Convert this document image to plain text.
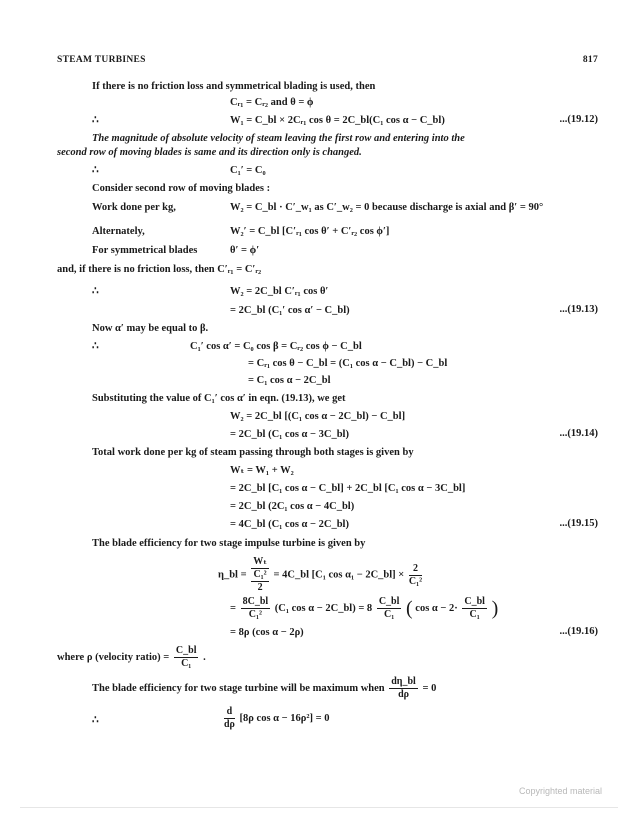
STEAM TURBINES	817
If there is no friction loss and symmetrical blading is used, then
Cᵣ₁ = Cᵣ₂ and θ = ϕ
∴	W₁ = C_bl × 2Cᵣ₁ cos θ = 2C_bl(C₁ cos α − C_bl)	...(19.12)
The magnitude of absolute velocity of steam leaving the first row and entering into the
second row of moving blades is same and its direction only is changed.
∴	C₁′ = C₀
Consider second row of moving blades :
Work done per kg,	W₂ = C_bl · C′_w₁ as C′_w₂ = 0 because discharge is axial and β′ = 90°
Alternately,	W₂′ = C_bl [C′ᵣ₁ cos θ′ + C′ᵣ₂ cos ϕ′]
For symmetrical blades	θ′ = ϕ′
and, if there is no friction loss, then C′ᵣ₁ = C′ᵣ₂
∴	W₂ = 2C_bl C′ᵣ₁ cos θ′
= 2C_bl (C₁′ cos α′ − C_bl)	...(19.13)
Now α′ may be equal to β.
∴	C₁′ cos α′ = C₀ cos β = Cᵣ₂ cos ϕ − C_bl
= Cᵣ₁ cos θ − C_bl = (C₁ cos α − C_bl) − C_bl
= C₁ cos α − 2C_bl
Substituting the value of C₁′ cos α′ in eqn. (19.13), we get
W₂ = 2C_bl [(C₁ cos α − 2C_bl) − C_bl]
= 2C_bl (C₁ cos α − 3C_bl)	...(19.14)
Total work done per kg of steam passing through both stages is given by
Wₜ = W₁ + W₂
= 2C_bl [C₁ cos α − C_bl] + 2C_bl [C₁ cos α − 3C_bl]
= 2C_bl (2C₁ cos α − 4C_bl)
= 4C_bl (C₁ cos α − 2C_bl)	...(19.15)
The blade efficiency for two stage impulse turbine is given by
η_bl =
Wₜ
C₁²
2
= 4C_bl [C₁ cos α₁ − 2C_bl] × $\frac{2}{\text{C₁²}}$
= $\frac{8C\_bl}{\text{C₁²}} (C_1$ cos α − 2C_bl) = $8 \frac{C\_bl}{\text{C₁}}$ ( $\cos \alpha - 2\cdot \frac{C\_bl}{\text{C₁}}$ )
= 8ρ (cos α − 2ρ)	...(19.16)
where ρ (velocity ratio) = $\frac{C\_bl}{\text{C₁}}$ .
The blade efficiency for two stage turbine will be maximum when $\frac{d\eta\_bl}{d\rho} = 0$
∴	$\frac{d}{d\rho} [8\rho$ cos α − 16ρ²] = 0
Copyrighted material
